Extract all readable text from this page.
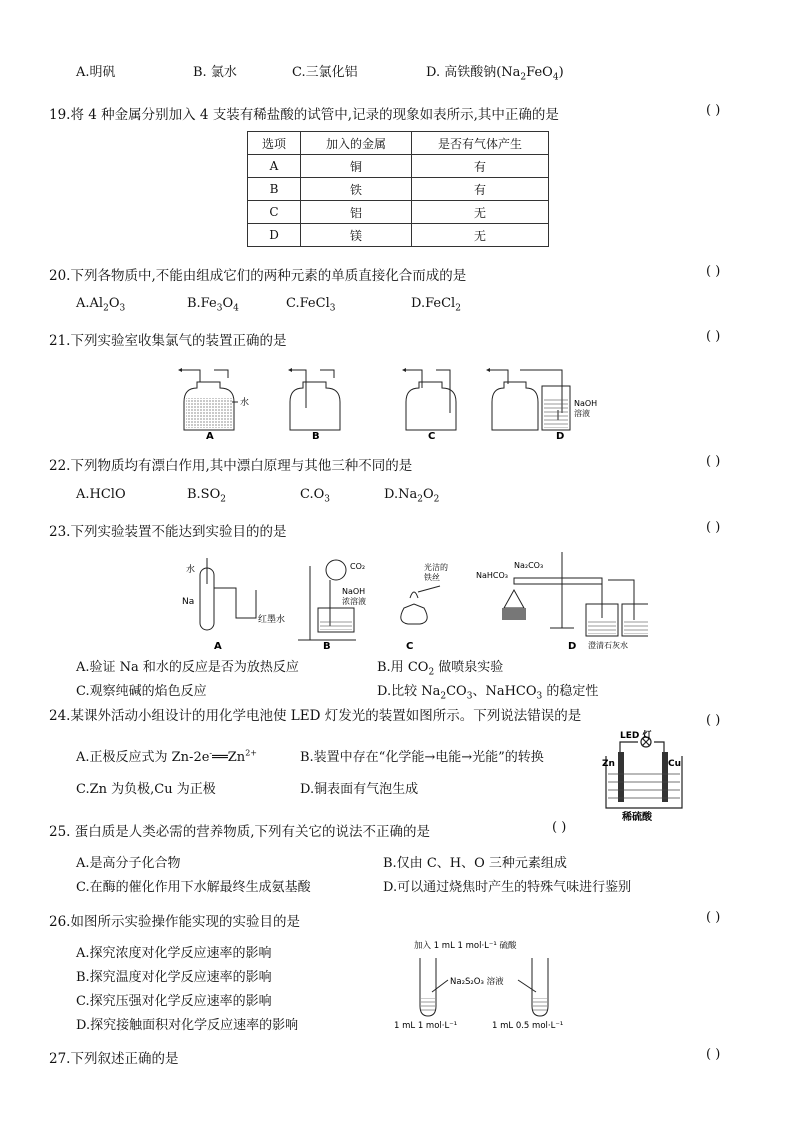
A.明矾	B. 氯水	C.三氯化铝	D. 高铁酸钠$(Na_2FeO_4)$
19.将 4 种金属分别加入 4 支装有稀盐酸的试管中,记录的现象如表所示,其中正确的是	( )
选项	加入的金属	是否有气体产生
A	铜	有
B	铁	有
C	铝	无
D	镁	无
20.下列各物质中,不能由组成它们的两种元素的单质直接化合而成的是	( )
$A.Al_2O_3$	$B.Fe_3O_4$	C.FeCl$_3$	D.FeCl$_2$
21.下列实验室收集氯气的装置正确的是	( )
水	NaOH
溶液
A	B	C	D
22.下列物质均有漂白作用,其中漂白原理与其他三种不同的是	( )
A.HClO	$B.SO_2$	$C.O_3$	$D.Na_2O_2$
23.下列实验装置不能达到实验目的的是	( )
水
Na
红墨水
CO₂
NaOH
浓溶液
光洁的
铁丝	NaHCO₃
Na₂CO₃
澄清石灰水
A	B	C	D
A.验证 Na 和水的反应是否为放热反应	B.用 $CO_2$ 做喷泉实验
C.观察纯碱的焰色反应	D.比较 $Na_2CO_3$、NaHCO$_3$ 的稳定性
24.某课外活动小组设计的用化学电池使 LED 灯发光的装置如图所示。下列说法错误的是	( )
A.正极反应式为 $Zn-2e^-══Zn^{2+}$	B.装置中存在“化学能→电能→光能”的转换
C.Zn 为负极,Cu 为正极	D.铜表面有气泡生成
LED 灯
Zn	Cu
稀硫酸
25. 蛋白质是人类必需的营养物质,下列有关它的说法不正确的是	( )
A.是高分子化合物	B.仅由 C、H、O 三种元素组成
C.在酶的催化作用下水解最终生成氨基酸	D.可以通过烧焦时产生的特殊气味进行鉴别
26.如图所示实验操作能实现的实验目的是	( )
A.探究浓度对化学反应速率的影响
B.探究温度对化学反应速率的影响
C.探究压强对化学反应速率的影响
D.探究接触面积对化学反应速率的影响
加入 1 mL 1 mol·L⁻¹ 硫酸
Na₂S₂O₃ 溶液
1 mL 1 mol·L⁻¹	1 mL 0.5 mol·L⁻¹
27.下列叙述正确的是	( )
